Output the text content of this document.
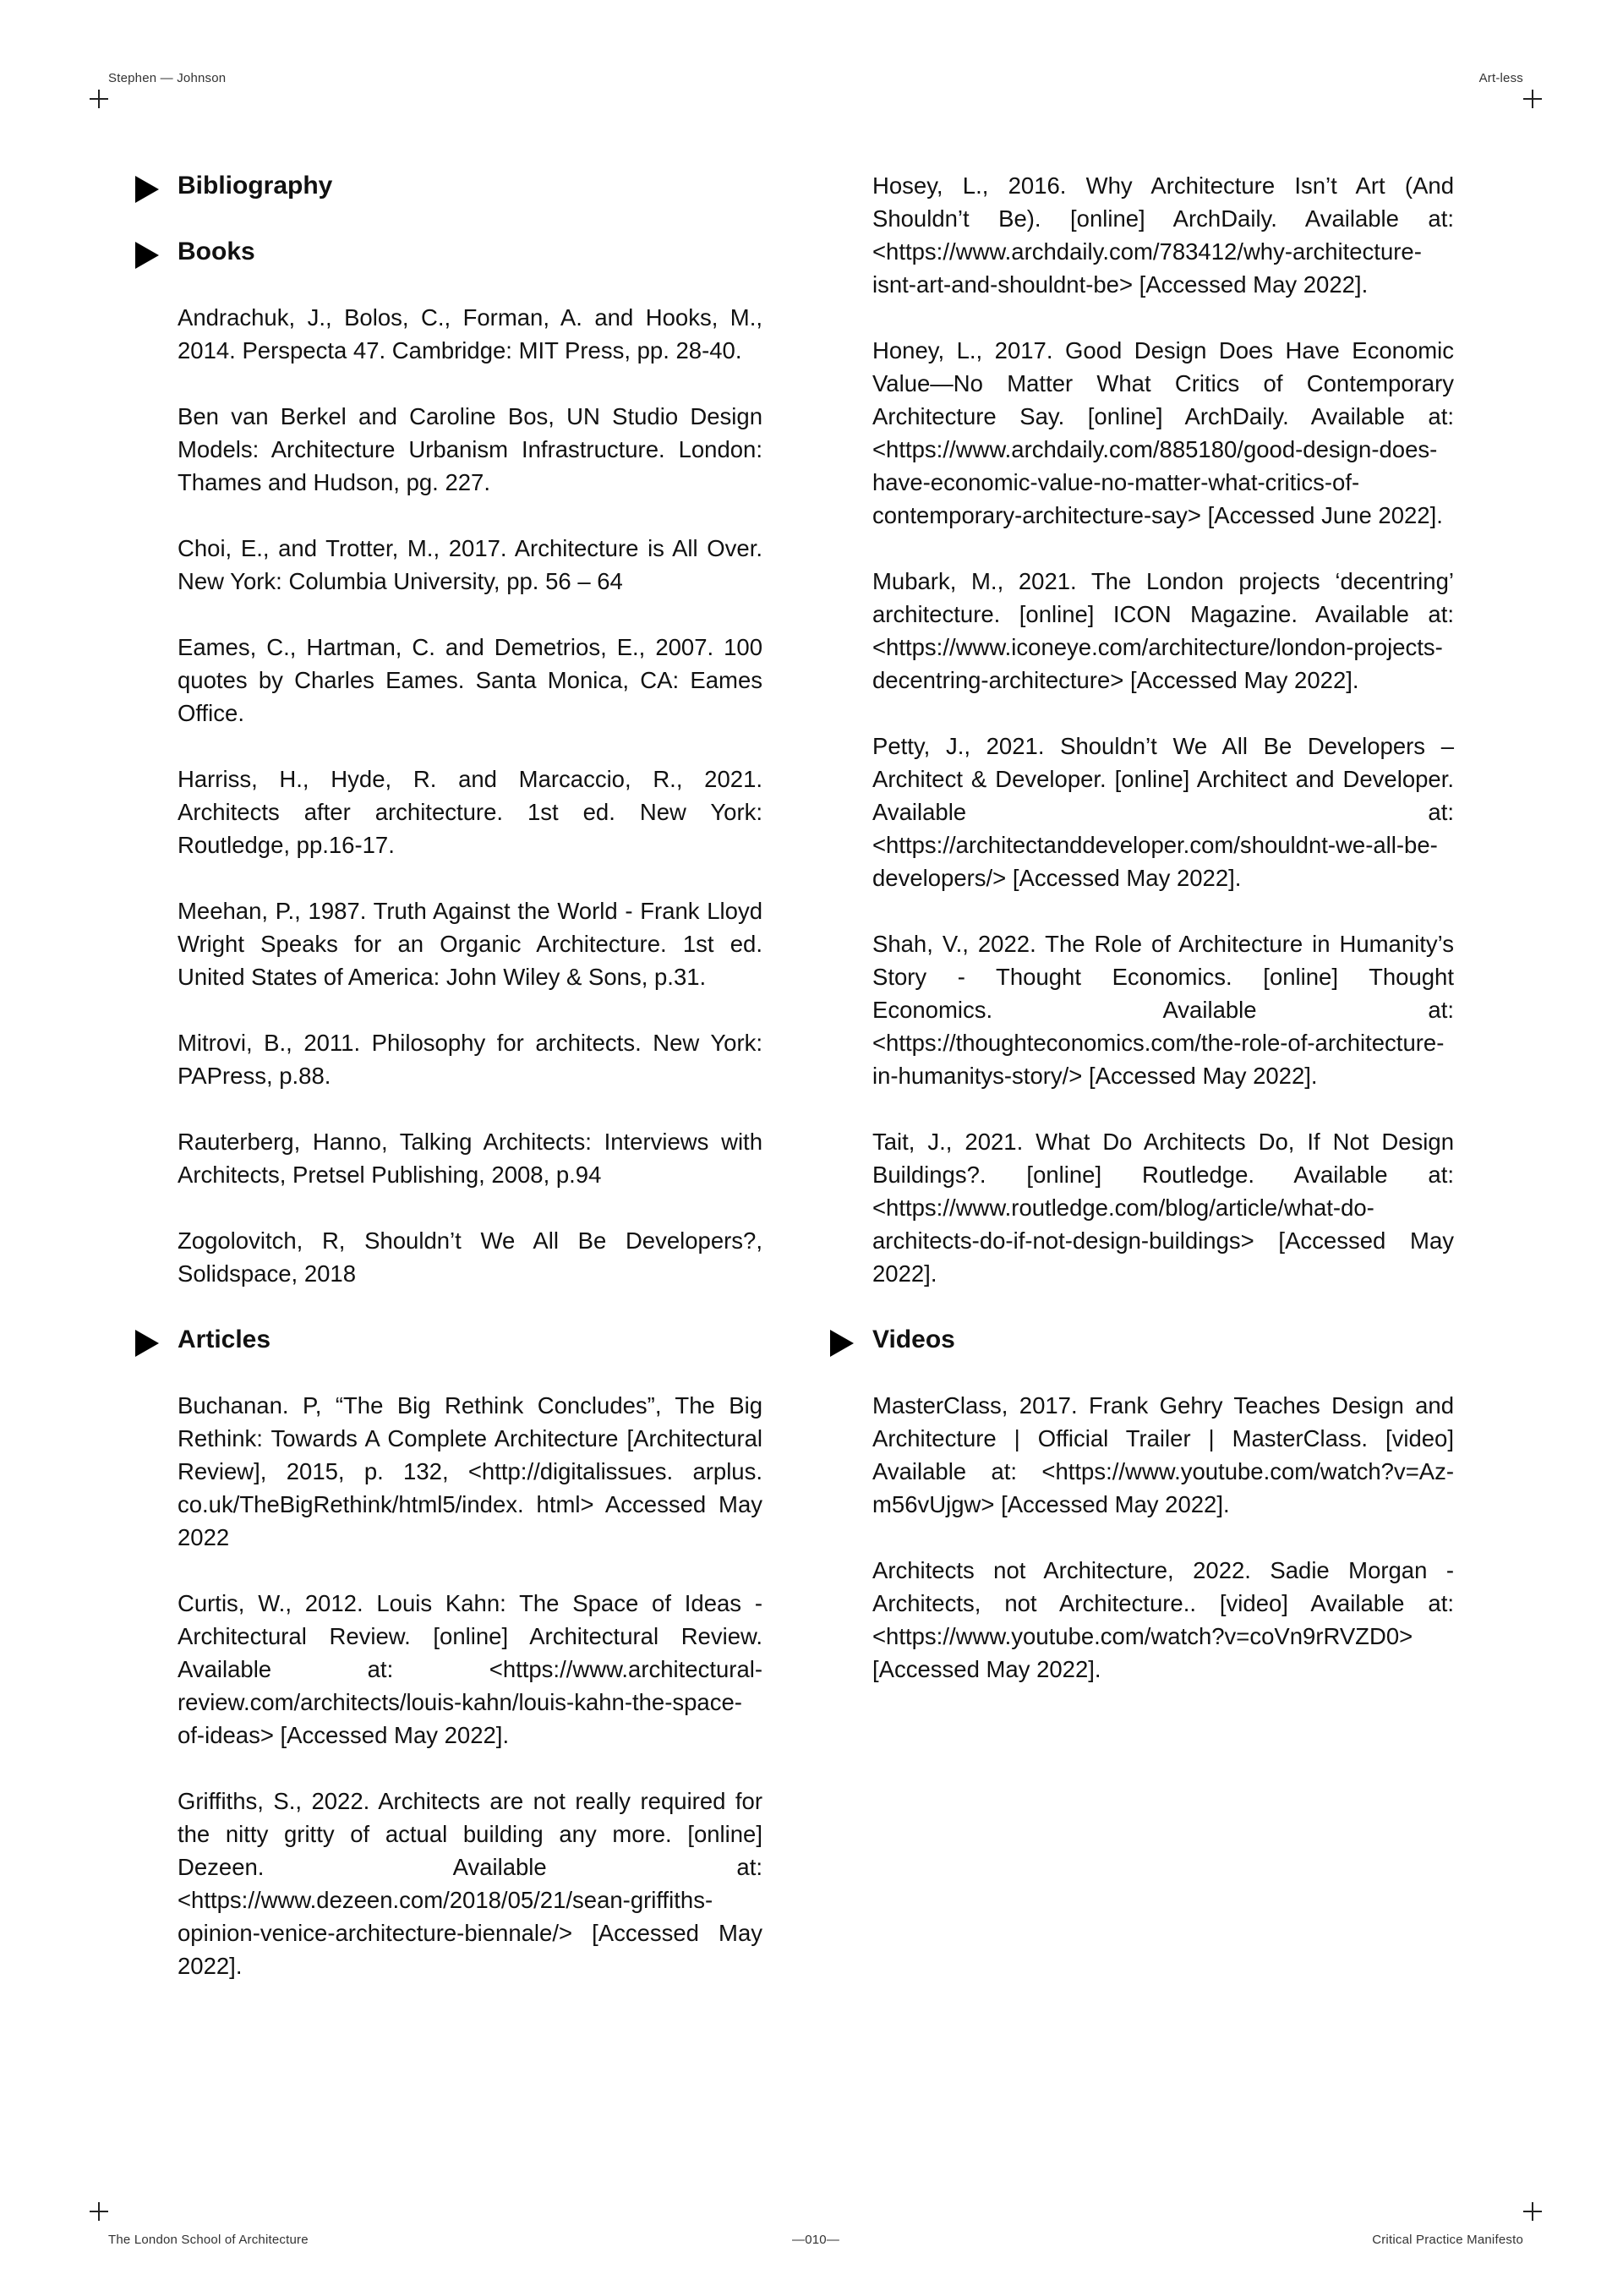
Stephen — Johnson	Art-less
The London School of Architecture	—010—	Critical Practice Manifesto
Bibliography
Books

Andrachuk, J., Bolos, C., Forman, A. and Hooks, M., 2014. Perspecta 47. Cambridge: MIT Press, pp. 28-40.

Ben van Berkel and Caroline Bos, UN Studio Design Models: Architecture Urbanism Infrastructure. London: Thames and Hudson, pg. 227.

Choi, E., and Trotter, M., 2017. Architecture is All Over. New York: Columbia University, pp. 56 – 64

Eames, C., Hartman, C. and Demetrios, E., 2007. 100 quotes by Charles Eames. Santa Monica, CA: Eames Office.

Harriss, H., Hyde, R. and Marcaccio, R., 2021. Architects after architecture. 1st ed. New York: Routledge, pp.16-17.

Meehan, P., 1987. Truth Against the World - Frank Lloyd Wright Speaks for an Organic Architecture. 1st ed. United States of America: John Wiley & Sons, p.31.

Mitrovi, B., 2011. Philosophy for architects. New York: PAPress, p.88.

Rauterberg, Hanno, Talking Architects: Interviews with Architects, Pretsel Publishing, 2008, p.94

Zogolovitch, R, Shouldn’t We All Be Developers?, Solidspace, 2018

Articles

Buchanan. P, “The Big Rethink Concludes”, The Big Rethink: Towards A Complete Architecture [Architectural Review], 2015, p. 132, <http://digitalissues. arplus. co.uk/TheBigRethink/html5/index. html> Accessed May 2022

Curtis, W., 2012. Louis Kahn: The Space of Ideas - Architectural Review. [online] Architectural Review. Available at: <https://www.architectural-review.com/architects/louis-kahn/louis-kahn-the-space-of-ideas> [Accessed May 2022].

Griffiths, S., 2022. Architects are not really required for the nitty gritty of actual building any more. [online] Dezeen. Available at: <https://www.dezeen.com/2018/05/21/sean-griffiths-opinion-venice-architecture-biennale/> [Accessed May 2022].

Hosey, L., 2016. Why Architecture Isn’t Art (And Shouldn’t Be). [online] ArchDaily. Available at: <https://www.archdaily.com/783412/why-architecture-isnt-art-and-shouldnt-be> [Accessed May 2022].

Honey, L., 2017. Good Design Does Have Economic Value—No Matter What Critics of Contemporary Architecture Say. [online] ArchDaily. Available at: <https://www.archdaily.com/885180/good-design-does-have-economic-value-no-matter-what-critics-of-contemporary-architecture-say> [Accessed June 2022].

Mubark, M., 2021. The London projects ‘decentring’ architecture. [online] ICON Magazine. Available at: <https://www.iconeye.com/architecture/london-projects-decentring-architecture> [Accessed May 2022].

Petty, J., 2021. Shouldn’t We All Be Developers – Architect & Developer. [online] Architect and Developer. Available at: <https://architectanddeveloper.com/shouldnt-we-all-be-developers/> [Accessed May 2022].

Shah, V., 2022. The Role of Architecture in Humanity’s Story - Thought Economics. [online] Thought Economics. Available at: <https://thoughteconomics.com/the-role-of-architecture-in-humanitys-story/> [Accessed May 2022].

Tait, J., 2021. What Do Architects Do, If Not Design Buildings?. [online] Routledge. Available at: <https://www.routledge.com/blog/article/what-do-architects-do-if-not-design-buildings> [Accessed May 2022].

Videos

MasterClass, 2017. Frank Gehry Teaches Design and Architecture | Official Trailer | MasterClass. [video] Available at: <https://www.youtube.com/watch?v=Az-m56vUjgw> [Accessed May 2022].

Architects not Architecture, 2022. Sadie Morgan - Architects, not Architecture.. [video] Available at: <https://www.youtube.com/watch?v=coVn9rRVZD0> [Accessed May 2022].
